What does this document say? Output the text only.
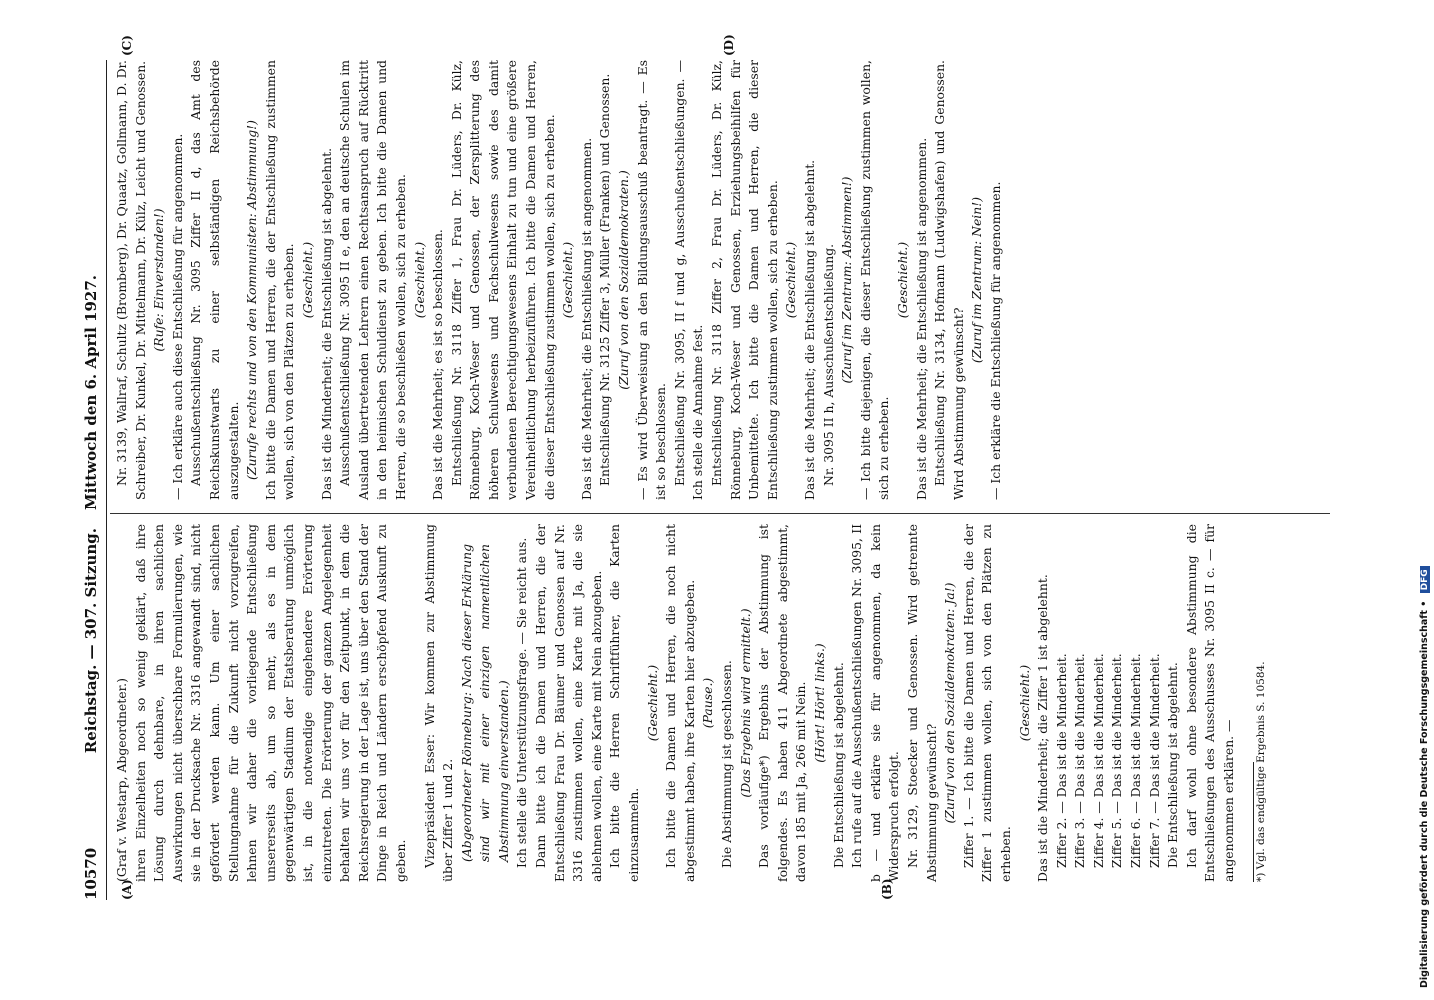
10570
Reichstag. — 307. Sitzung.
Mittwoch den 6. April 1927.
(A)	(B)
(C)	(D)

(Graf v. Westarp, Abgeordneter.) ihren Einzelheiten noch so wenig geklärt, daß ihre Lösung durch dehnbare, in ihren sachlichen Auswirkungen nicht überschbare Formulierungen, wie sie in der Drucksache Nr. 3316 angewandt sind, nicht gefördert werden kann. Um einer sachlichen Stellungnahme für die Zukunft nicht vorzugreifen, lehnen wir daher die vorliegende Entschließung unsererseits ab, um so mehr, als es in dem gegenwärtigen Stadium der Etatsberatung unmöglich ist, in die notwendige eingehendere Erörterung einzutreten. Die Erörterung der ganzen Angelegenheit behalten wir uns vor für den Zeitpunkt, in dem die Reichsregierung in der Lage ist, uns über den Stand der Dinge in Reich und Ländern erschöpfend Auskunft zu geben. Vizepräsident Esser: Wir kommen zur Abstimmung über Ziffer 1 und 2. (Abgeordneter Rönneburg: Nach dieser Erklärung sind wir mit einer einzigen namentlichen Abstimmung einverstanden.) Ich stelle die Unterstützungsfrage. — Sie reicht aus. Dann bitte ich die Damen und Herren, die der Entschließung Frau Dr. Bäumer und Genossen auf Nr. 3316 zustimmen wollen, eine Karte mit Ja, die sie ablehnen wollen, eine Karte mit Nein abzugeben. Ich bitte die Herren Schriftführer, die Karten einzusammeln.

(Geschieht.) Ich bitte die Damen und Herren, die noch nicht abgestimmt haben, ihre Karten hier abzugeben. (Pause.) Die Abstimmung ist geschlossen. (Das Ergebnis wird ermittelt.) Das vorläufige*) Ergebnis der Abstimmung ist folgendes. Es haben 411 Abgeordnete abgestimmt, davon 185 mit Ja, 266 mit Nein. (Hört! Hört! links.) Die Entschließung ist abgelehnt. Ich rufe auf die Ausschußentschließungen Nr. 3095, II b — und erkläre sie für angenommen, da kein Widerspruch erfolgt. Nr. 3129, Stoecker und Genossen. Wird getrennte Abstimmung gewünscht? (Zuruf von den Sozialdemokraten: Ja!) Ziffer 1. — Ich bitte die Damen und Herren, die der Ziffer 1 zustimmen wollen, sich von den Plätzen zu erheben.

(Geschieht.) Das ist die Minderheit; die Ziffer 1 ist abgelehnt. Ziffer 2. — Das ist die Minderheit. Ziffer 3. — Das ist die Minderheit. Ziffer 4. — Das ist die Minderheit. Ziffer 5. — Das ist die Minderheit. Ziffer 6. — Das ist die Minderheit. Ziffer 7. — Das ist die Minderheit. Die Entschließung ist abgelehnt. Ich darf wohl ohne besondere Abstimmung die Entschließungen des Ausschusses Nr. 3095 II c. — für angenommen erklären. — *) Vgl. das endgültige Ergebnis S. 10584.

Nr. 3139, Wallraf, Schultz (Bromberg), Dr. Quaatz, Gollmann, D. Dr. Schreiber, Dr. Kunkel, Dr. Mittelmann, Dr. Külz, Leicht und Genossen. (Rufe: Einverstanden!) — Ich erkläre auch diese Entschließung für angenommen. Ausschußentschließung Nr. 3095 Ziffer II d, das Amt des Reichskunstwarts zu einer selbständigen Reichsbehörde auszugestalten. (Zurufe rechts und von den Kommunisten: Abstimmung!) Ich bitte die Damen und Herren, die der Entschließung zustimmen wollen, sich von den Plätzen zu erheben. (Geschieht.) Das ist die Minderheit; die Entschließung ist abgelehnt. Ausschußentschließung Nr. 3095 II e, den an deutsche Schulen im Ausland übertretenden Lehrern einen Rechtsanspruch auf Rücktritt in den heimischen Schuldienst zu geben. Ich bitte die Damen und Herren, die so beschließen wollen, sich zu erheben. (Geschieht.) Das ist die Mehrheit; es ist so beschlossen. Entschließung Nr. 3118 Ziffer 1, Frau Dr. Lüders, Dr. Külz, Rönneburg, Koch-Weser und Genossen, der Zersplitterung des höheren Schulwesens und Fachschulwesens sowie des damit verbundenen Berechtigungswesens Einhalt zu tun und eine größere Vereinheitlichung herbeizuführen. Ich bitte die Damen und Herren, die dieser Entschließung zustimmen wollen, sich zu erheben. (Geschieht.) Das ist die Mehrheit; die Entschließung ist angenommen. Entschließung Nr. 3125 Ziffer 3, Müller (Franken) und Genossen. (Zuruf von den Sozialdemokraten.) — Es wird Überweisung an den Bildungsausschuß beantragt. — Es ist so beschlossen. Entschließung Nr. 3095, II f und g, Ausschußentschließungen. — Ich stelle die Annahme fest. Entschließung Nr. 3118 Ziffer 2, Frau Dr. Lüders, Dr. Külz, Rönneburg, Koch-Weser und Genossen, Erziehungsbeihilfen für Unbemittelte. Ich bitte die Damen und Herren, die dieser Entschließung zustimmen wollen, sich zu erheben. (Geschieht.) Das ist die Mehrheit; die Entschließung ist abgelehnt. Nr. 3095 II h, Ausschußentschließung. (Zuruf im Zentrum: Abstimmen!) — Ich bitte diejenigen, die dieser Entschließung zustimmen wollen, sich zu erheben.

(Geschieht.) Das ist die Mehrheit; die Entschließung ist angenommen. Entschließung Nr. 3134, Hofmann (Ludwigshafen) und Genossen. Wird Abstimmung gewünscht?

(Zuruf im Zentrum: Nein!) — Ich erkläre die Entschließung für angenommen.

Digitalisierung gefördert durch die Deutsche Forschungsgemeinschaft • DFG
